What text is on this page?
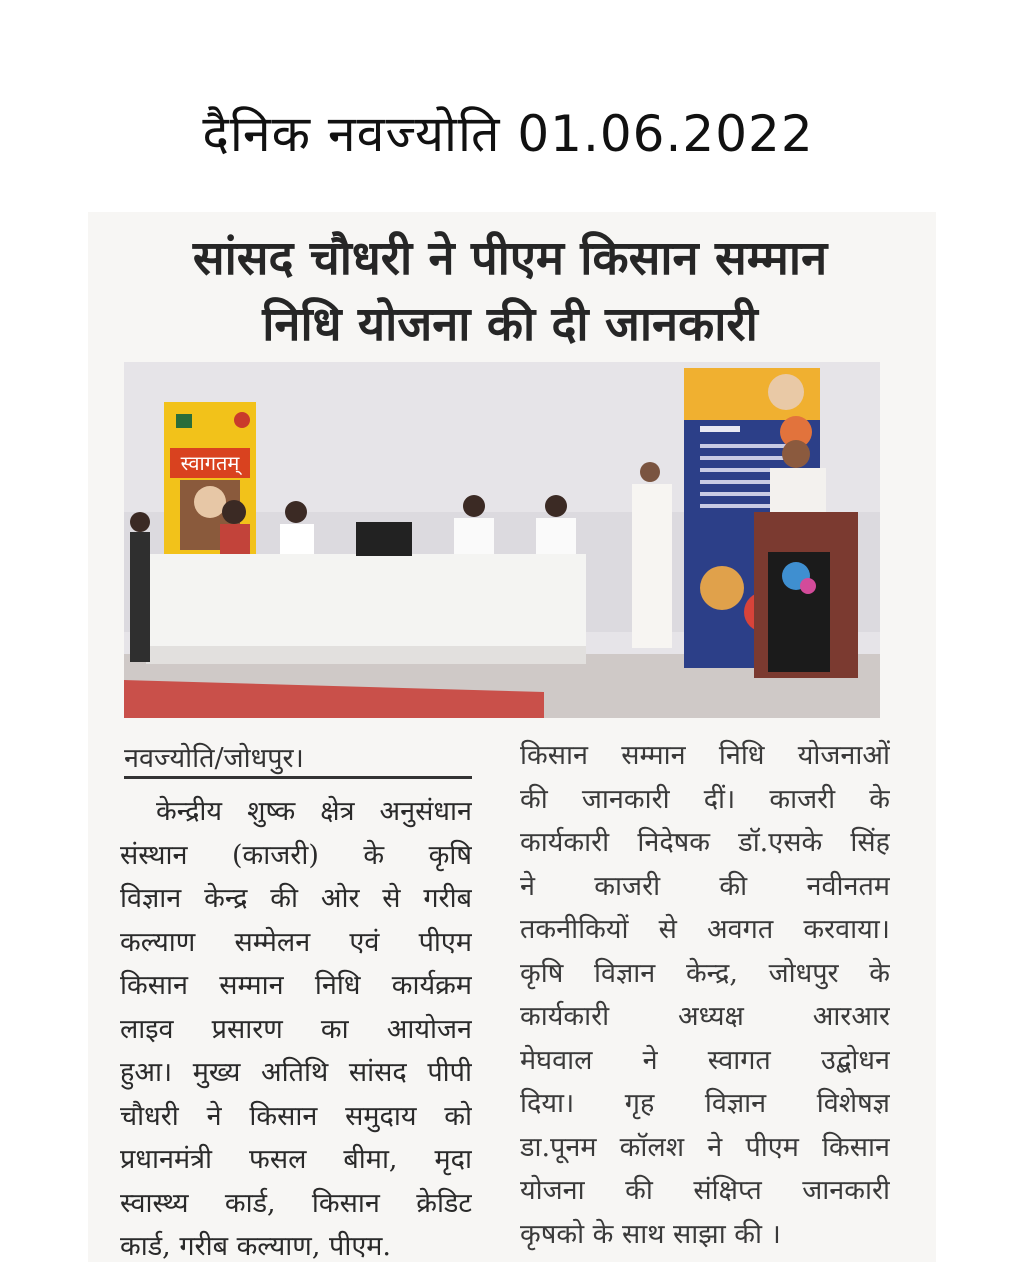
दैनिक नवज्योति 01.06.2022
सांसद चौधरी ने पीएम किसान सम्मान
निधि योजना की दी जानकारी
स्वागतम्
नवज्योति/जोधपुर।
केन्द्रीय शुष्क क्षेत्र अनुसंधान
संस्थान (काजरी) के कृषि
विज्ञान केन्द्र की ओर से गरीब
कल्याण सम्मेलन एवं पीएम
किसान सम्मान निधि कार्यक्रम
लाइव प्रसारण का आयोजन
हुआ। मुख्य अतिथि सांसद पीपी
चौधरी ने किसान समुदाय को
प्रधानमंत्री फसल बीमा, मृदा
स्वास्थ्य कार्ड, किसान क्रेडिट
कार्ड, गरीब कल्याण, पीएम.
किसान सम्मान निधि योजनाओं
की जानकारी दीं। काजरी के
कार्यकारी निदेषक डॉ.एसके सिंह
ने काजरी की नवीनतम
तकनीकियों से अवगत करवाया।
कृषि विज्ञान केन्द्र, जोधपुर के
कार्यकारी अध्यक्ष आरआर
मेघवाल ने स्वागत उद्बोधन
दिया। गृह विज्ञान विशेषज्ञ
डा.पूनम कॉलश ने पीएम किसान
योजना की संक्षिप्त जानकारी
कृषको के साथ साझा की ।
